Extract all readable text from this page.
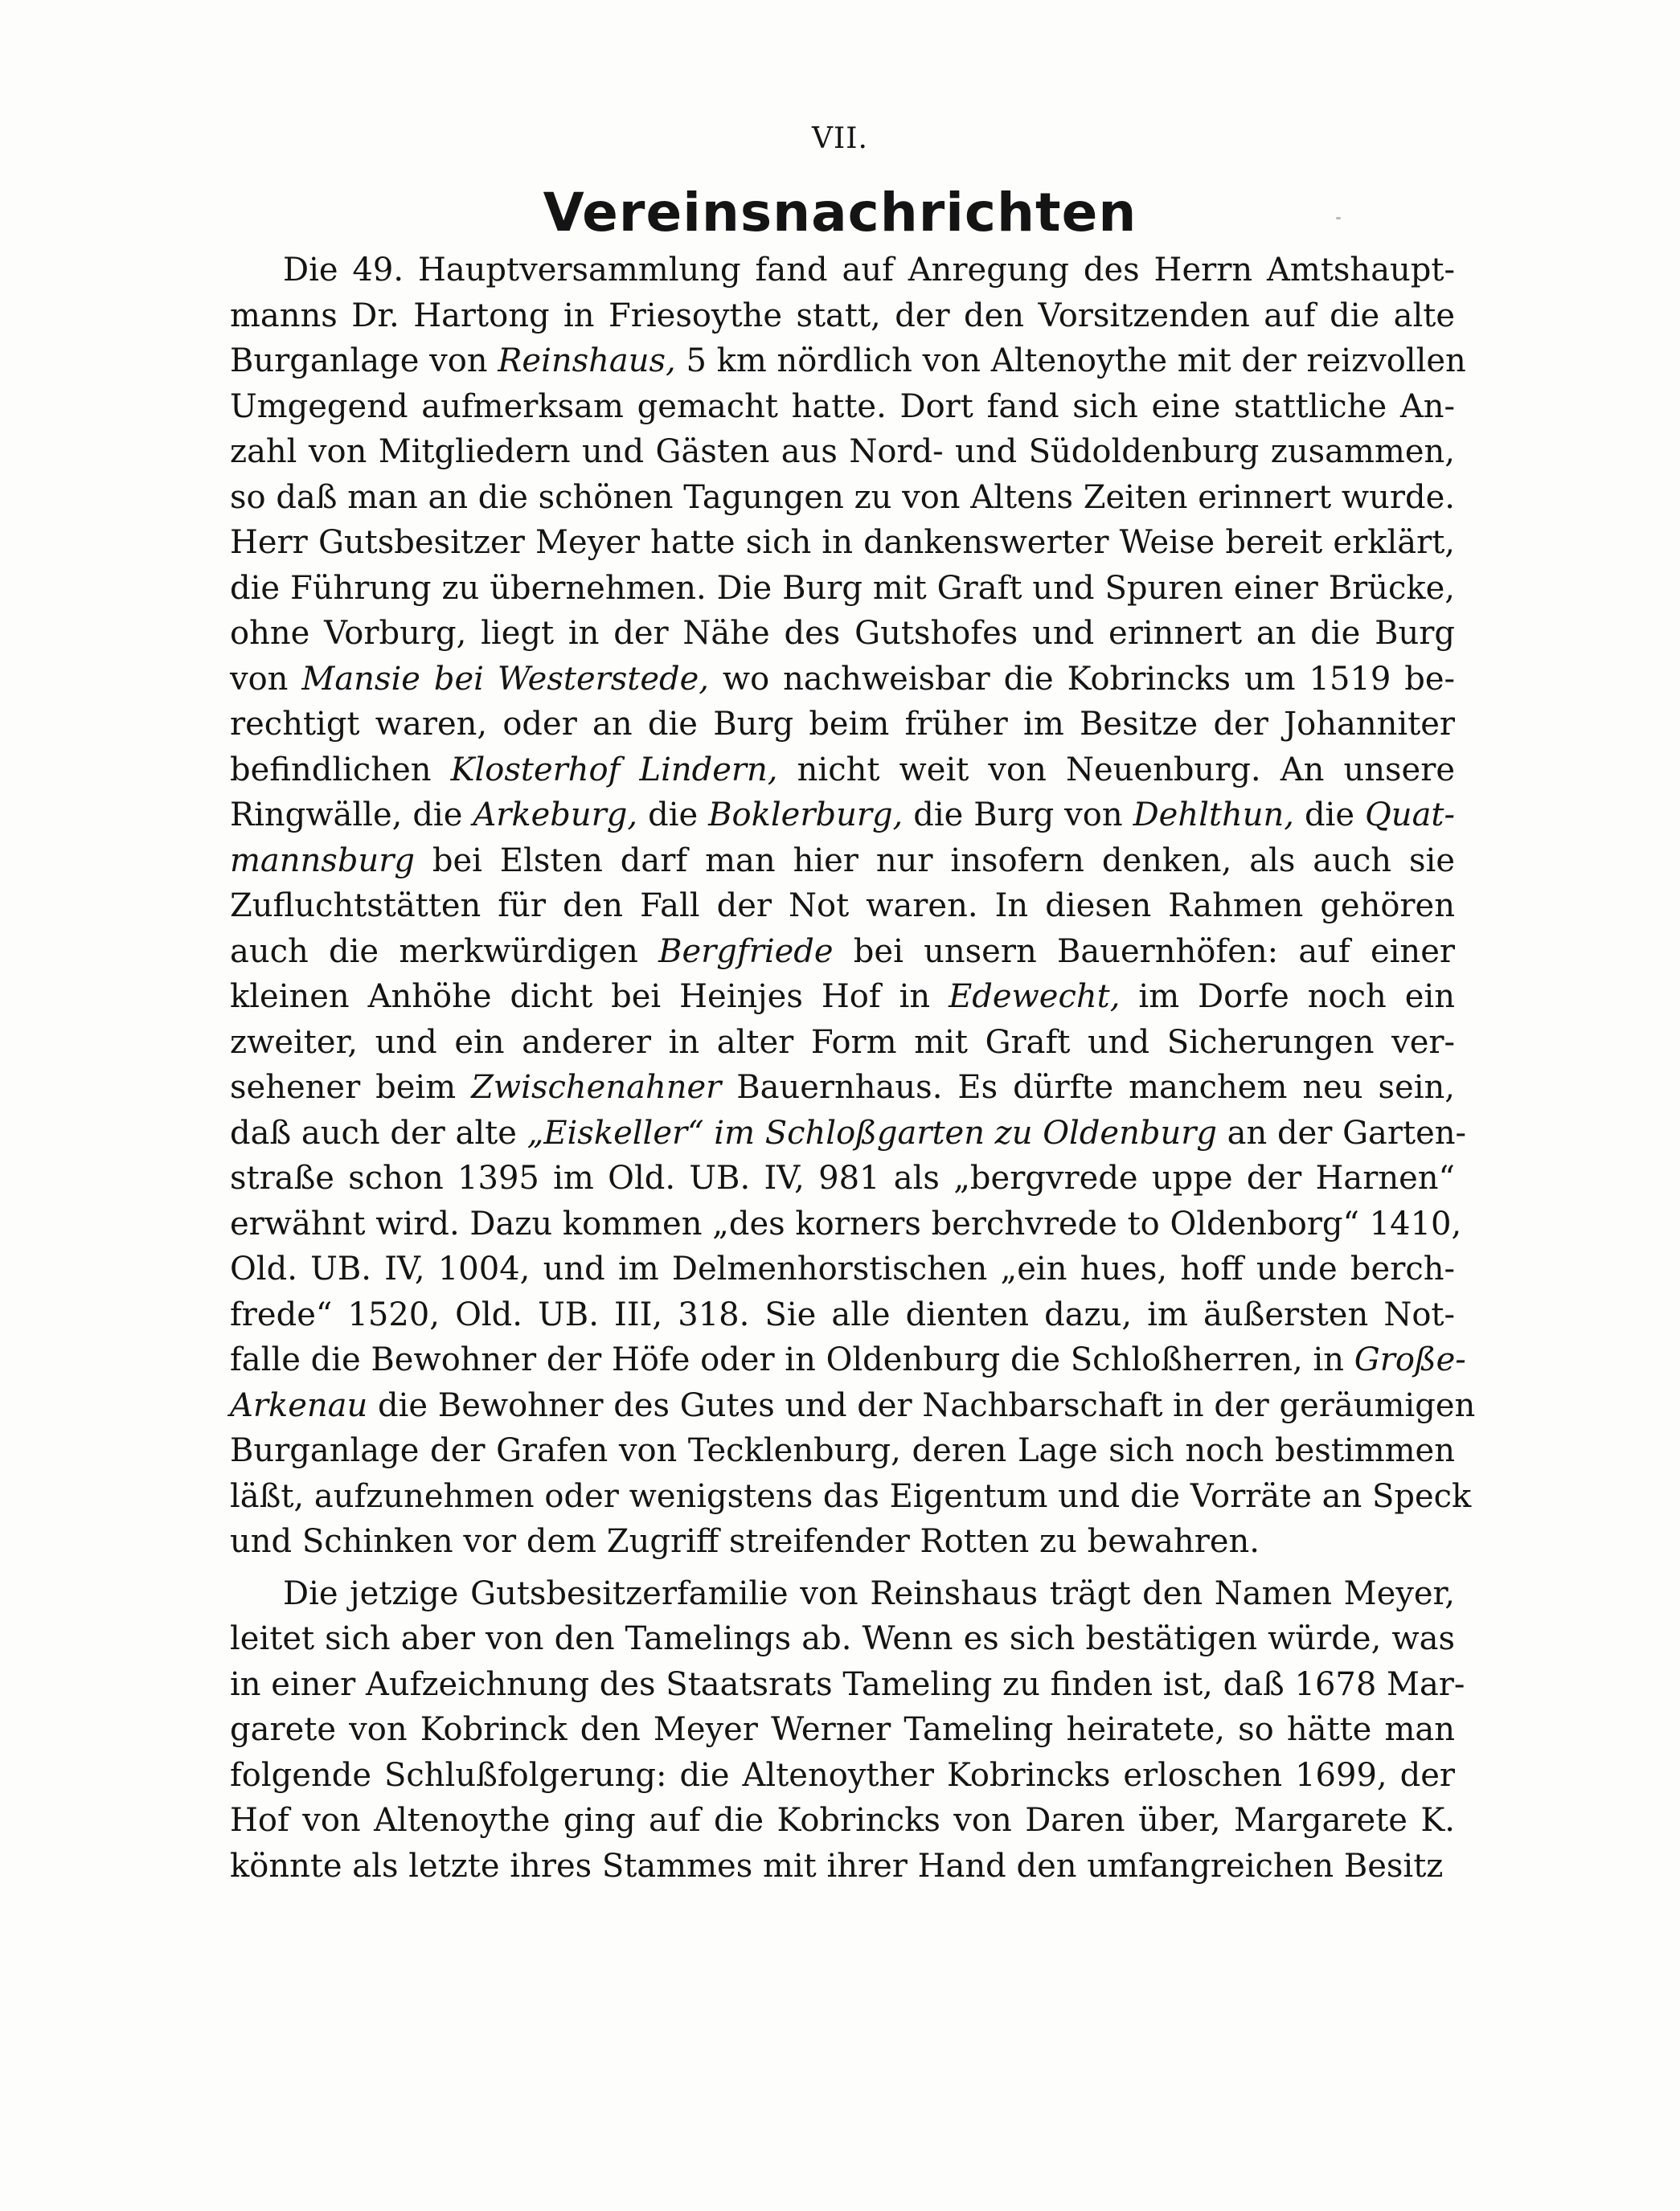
VII.
Vereinsnachrichten
Die 49. Hauptversammlung fand auf Anregung des Herrn Amtshaupt-
manns Dr. Hartong in Friesoythe statt, der den Vorsitzenden auf die alte
Burganlage von Reinshaus, 5 km nördlich von Altenoythe mit der reizvollen
Umgegend aufmerksam gemacht hatte. Dort fand sich eine stattliche An-
zahl von Mitgliedern und Gästen aus Nord- und Südoldenburg zusammen,
so daß man an die schönen Tagungen zu von Altens Zeiten erinnert wurde.
Herr Gutsbesitzer Meyer hatte sich in dankenswerter Weise bereit erklärt,
die Führung zu übernehmen. Die Burg mit Graft und Spuren einer Brücke,
ohne Vorburg, liegt in der Nähe des Gutshofes und erinnert an die Burg
von Mansie bei Westerstede, wo nachweisbar die Kobrincks um 1519 be-
rechtigt waren, oder an die Burg beim früher im Besitze der Johanniter
befindlichen Klosterhof Lindern, nicht weit von Neuenburg. An unsere
Ringwälle, die Arkeburg, die Boklerburg, die Burg von Dehlthun, die Quat-
mannsburg bei Elsten darf man hier nur insofern denken, als auch sie
Zufluchtstätten für den Fall der Not waren. In diesen Rahmen gehören
auch die merkwürdigen Bergfriede bei unsern Bauernhöfen: auf einer
kleinen Anhöhe dicht bei Heinjes Hof in Edewecht, im Dorfe noch ein
zweiter, und ein anderer in alter Form mit Graft und Sicherungen ver-
sehener beim Zwischenahner Bauernhaus. Es dürfte manchem neu sein,
daß auch der alte „Eiskeller“ im Schloßgarten zu Oldenburg an der Garten-
straße schon 1395 im Old. UB. IV, 981 als „bergvrede uppe der Harnen“
erwähnt wird. Dazu kommen „des korners berchvrede to Oldenborg“ 1410,
Old. UB. IV, 1004, und im Delmenhorstischen „ein hues, hoff unde berch-
frede“ 1520, Old. UB. III, 318. Sie alle dienten dazu, im äußersten Not-
falle die Bewohner der Höfe oder in Oldenburg die Schloßherren, in Große-
Arkenau die Bewohner des Gutes und der Nachbarschaft in der geräumigen
Burganlage der Grafen von Tecklenburg, deren Lage sich noch bestimmen
läßt, aufzunehmen oder wenigstens das Eigentum und die Vorräte an Speck
und Schinken vor dem Zugriff streifender Rotten zu bewahren.
Die jetzige Gutsbesitzerfamilie von Reinshaus trägt den Namen Meyer,
leitet sich aber von den Tamelings ab. Wenn es sich bestätigen würde, was
in einer Aufzeichnung des Staatsrats Tameling zu finden ist, daß 1678 Mar-
garete von Kobrinck den Meyer Werner Tameling heiratete, so hätte man
folgende Schlußfolgerung: die Altenoyther Kobrincks erloschen 1699, der
Hof von Altenoythe ging auf die Kobrincks von Daren über, Margarete K.
könnte als letzte ihres Stammes mit ihrer Hand den umfangreichen Besitz
